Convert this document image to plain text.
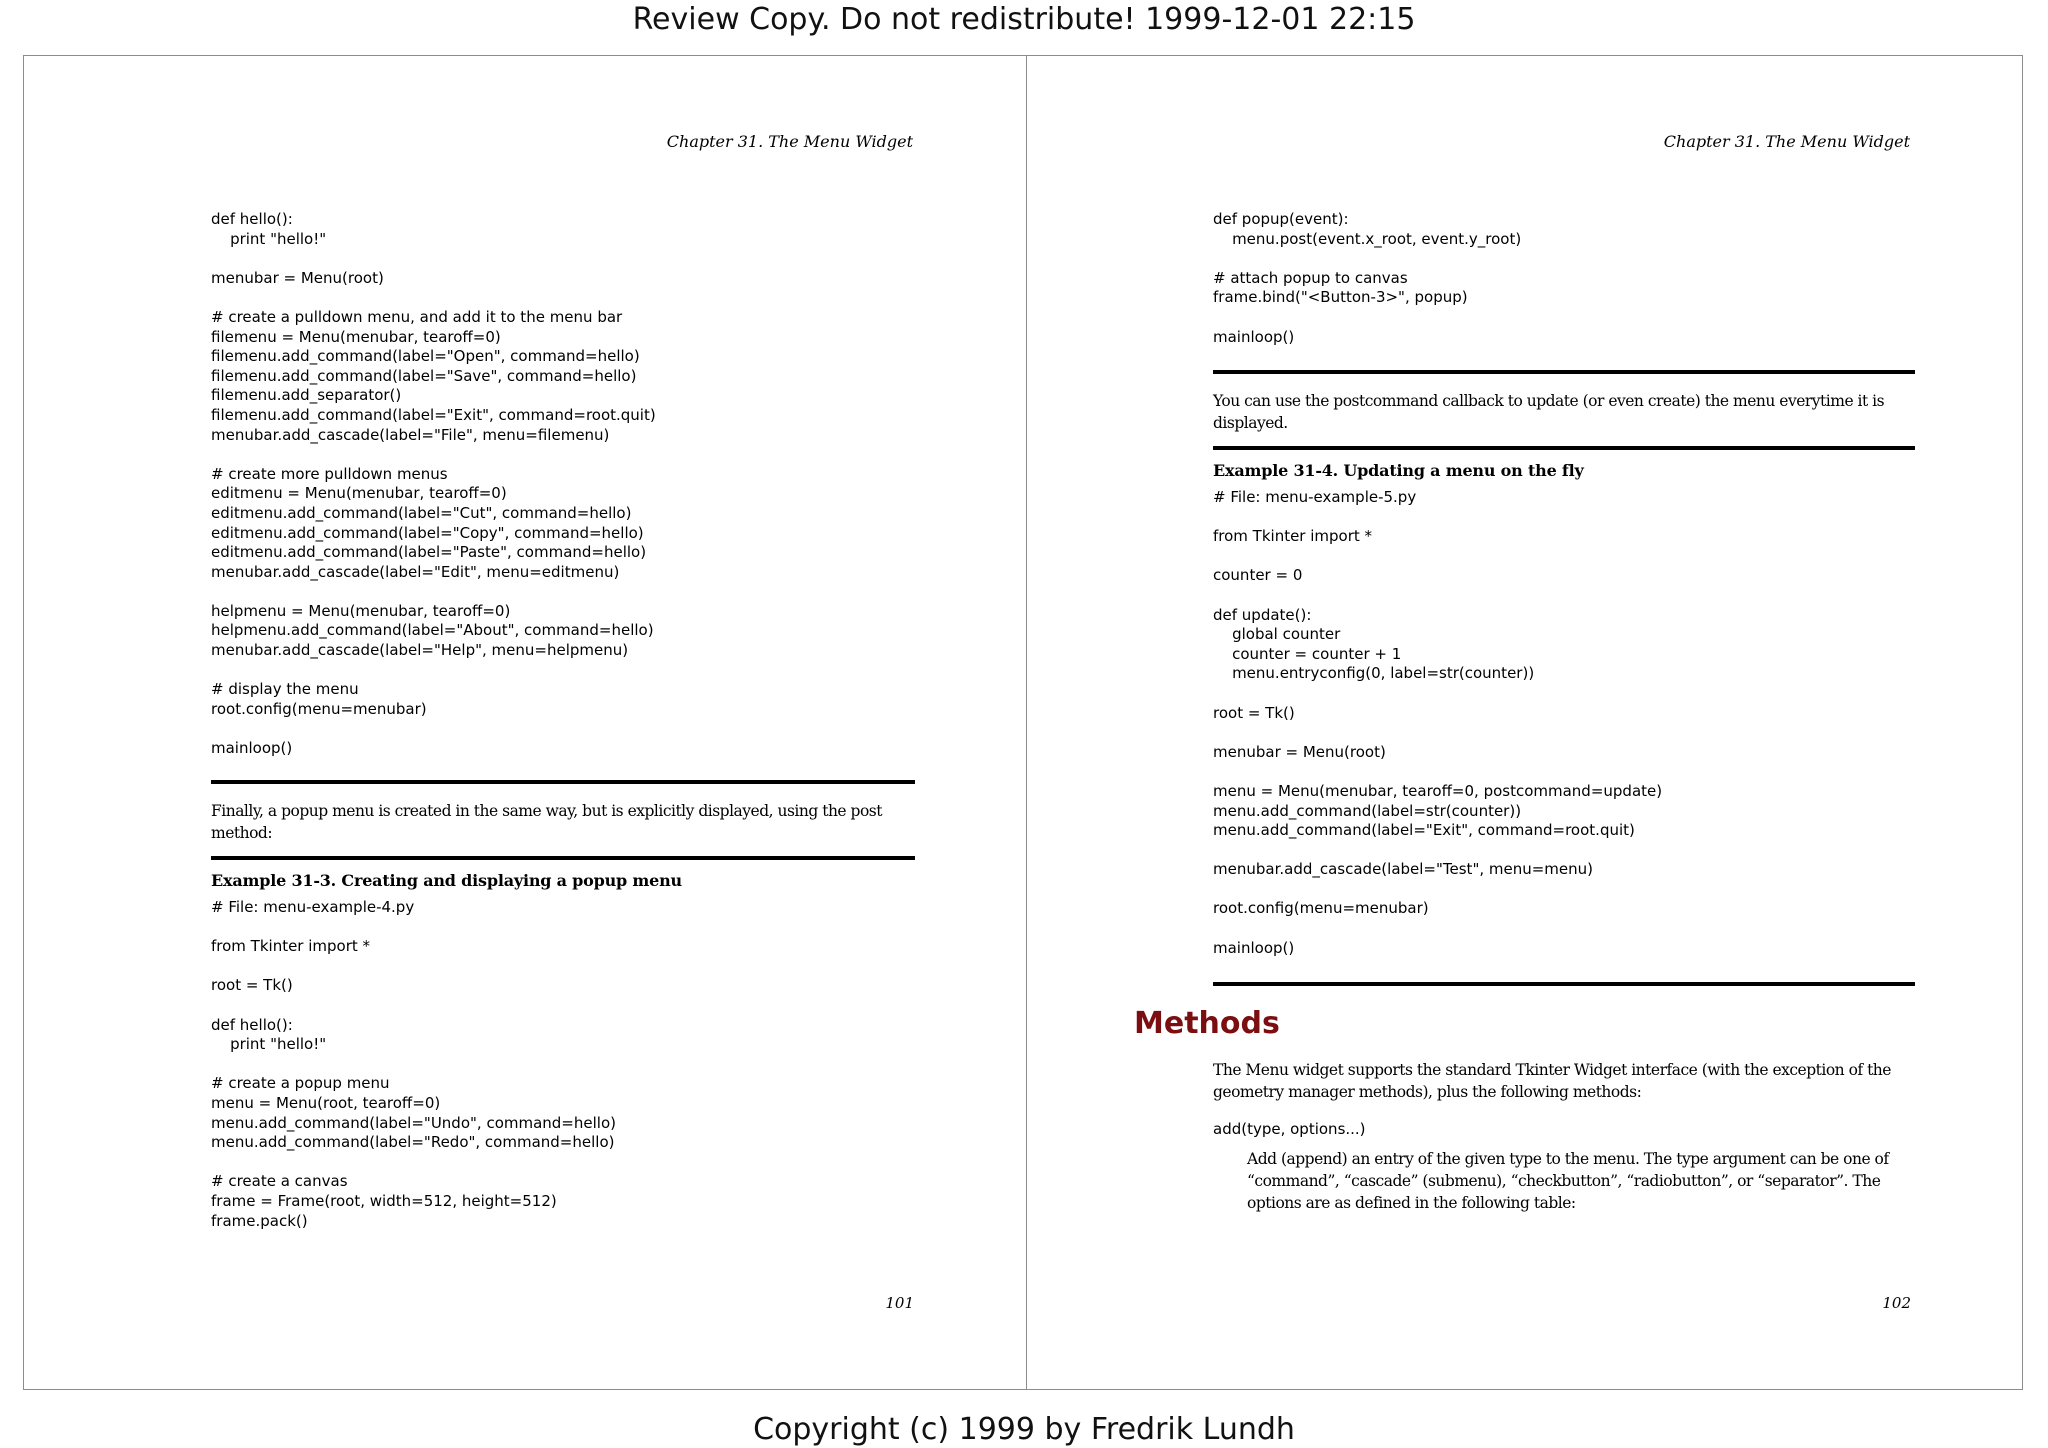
Review Copy. Do not redistribute! 1999-12-01 22:15
Chapter 31. The Menu Widget
def hello():
print "hello!"

menubar = Menu(root)

# create a pulldown menu, and add it to the menu bar
filemenu = Menu(menubar, tearoff=0)
filemenu.add_command(label="Open", command=hello)
filemenu.add_command(label="Save", command=hello)
filemenu.add_separator()
filemenu.add_command(label="Exit", command=root.quit)
menubar.add_cascade(label="File", menu=filemenu)

# create more pulldown menus
editmenu = Menu(menubar, tearoff=0)
editmenu.add_command(label="Cut", command=hello)
editmenu.add_command(label="Copy", command=hello)
editmenu.add_command(label="Paste", command=hello)
menubar.add_cascade(label="Edit", menu=editmenu)

helpmenu = Menu(menubar, tearoff=0)
helpmenu.add_command(label="About", command=hello)
menubar.add_cascade(label="Help", menu=helpmenu)

# display the menu
root.config(menu=menubar)

mainloop()

Finally, a popup menu is created in the same way, but is explicitly displayed, using the post method:

Example 31-3. Creating and displaying a popup menu

# File: menu-example-4.py

from Tkinter import *

root = Tk()

def hello():
print "hello!"

# create a popup menu
menu = Menu(root, tearoff=0)
menu.add_command(label="Undo", command=hello)
menu.add_command(label="Redo", command=hello)

# create a canvas
frame = Frame(root, width=512, height=512)
frame.pack()
101
Chapter 31. The Menu Widget
def popup(event):
menu.post(event.x_root, event.y_root)

# attach popup to canvas
frame.bind("<Button-3>", popup)

mainloop()

You can use the postcommand callback to update (or even create) the menu everytime it is displayed.

Example 31-4. Updating a menu on the fly

# File: menu-example-5.py

from Tkinter import *

counter = 0

def update():
global counter
counter = counter + 1
menu.entryconfig(0, label=str(counter))

root = Tk()

menubar = Menu(root)

menu = Menu(menubar, tearoff=0, postcommand=update)
menu.add_command(label=str(counter))
menu.add_command(label="Exit", command=root.quit)

menubar.add_cascade(label="Test", menu=menu)

root.config(menu=menubar)

mainloop()
Methods

The Menu widget supports the standard Tkinter Widget interface (with the exception of the geometry manager methods), plus the following methods:

add(type, options...)

Add (append) an entry of the given type to the menu. The type argument can be one of “command”, “cascade” (submenu), “checkbutton”, “radiobutton”, or “separator”. The options are as defined in the following table:

102
Copyright (c) 1999 by Fredrik Lundh
